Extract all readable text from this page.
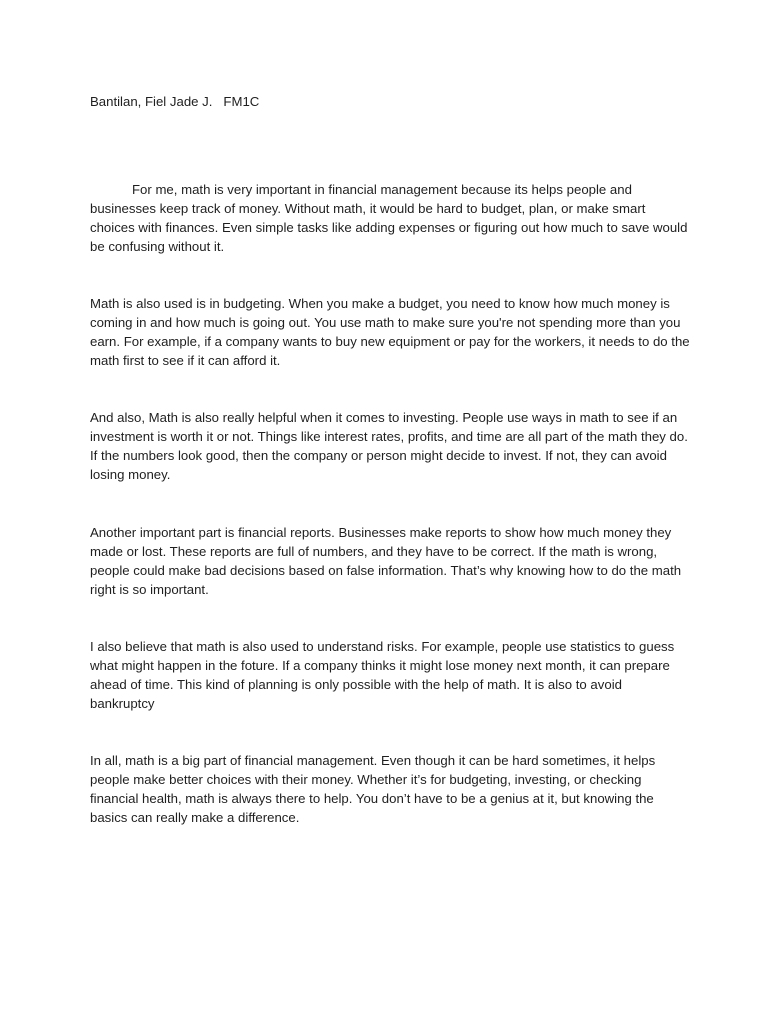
Bantilan, Fiel Jade J.   FM1C

For me, math is very important in financial management because its helps people and businesses keep track of money. Without math, it would be hard to budget, plan, or make smart choices with finances. Even simple tasks like adding expenses or figuring out how much to save would be confusing without it.

Math is also used is in budgeting. When you make a budget, you need to know how much money is coming in and how much is going out. You use math to make sure you're not spending more than you earn. For example, if a company wants to buy new equipment or pay for the workers, it needs to do the math first to see if it can afford it.

And also, Math is also really helpful when it comes to investing. People use ways in math to see if an investment is worth it or not. Things like interest rates, profits, and time are all part of the math they do. If the numbers look good, then the company or person might decide to invest. If not, they can avoid losing money.

Another important part is financial reports. Businesses make reports to show how much money they made or lost. These reports are full of numbers, and they have to be correct. If the math is wrong, people could make bad decisions based on false information. That’s why knowing how to do the math right is so important.

I also believe that math is also used to understand risks. For example, people use statistics to guess what might happen in the foture. If a company thinks it might lose money next month, it can prepare ahead of time. This kind of planning is only possible with the help of math. It is also to avoid bankruptcy

In all, math is a big part of financial management. Even though it can be hard sometimes, it helps people make better choices with their money. Whether it’s for budgeting, investing, or checking financial health, math is always there to help. You don’t have to be a genius at it, but knowing the basics can really make a difference.
